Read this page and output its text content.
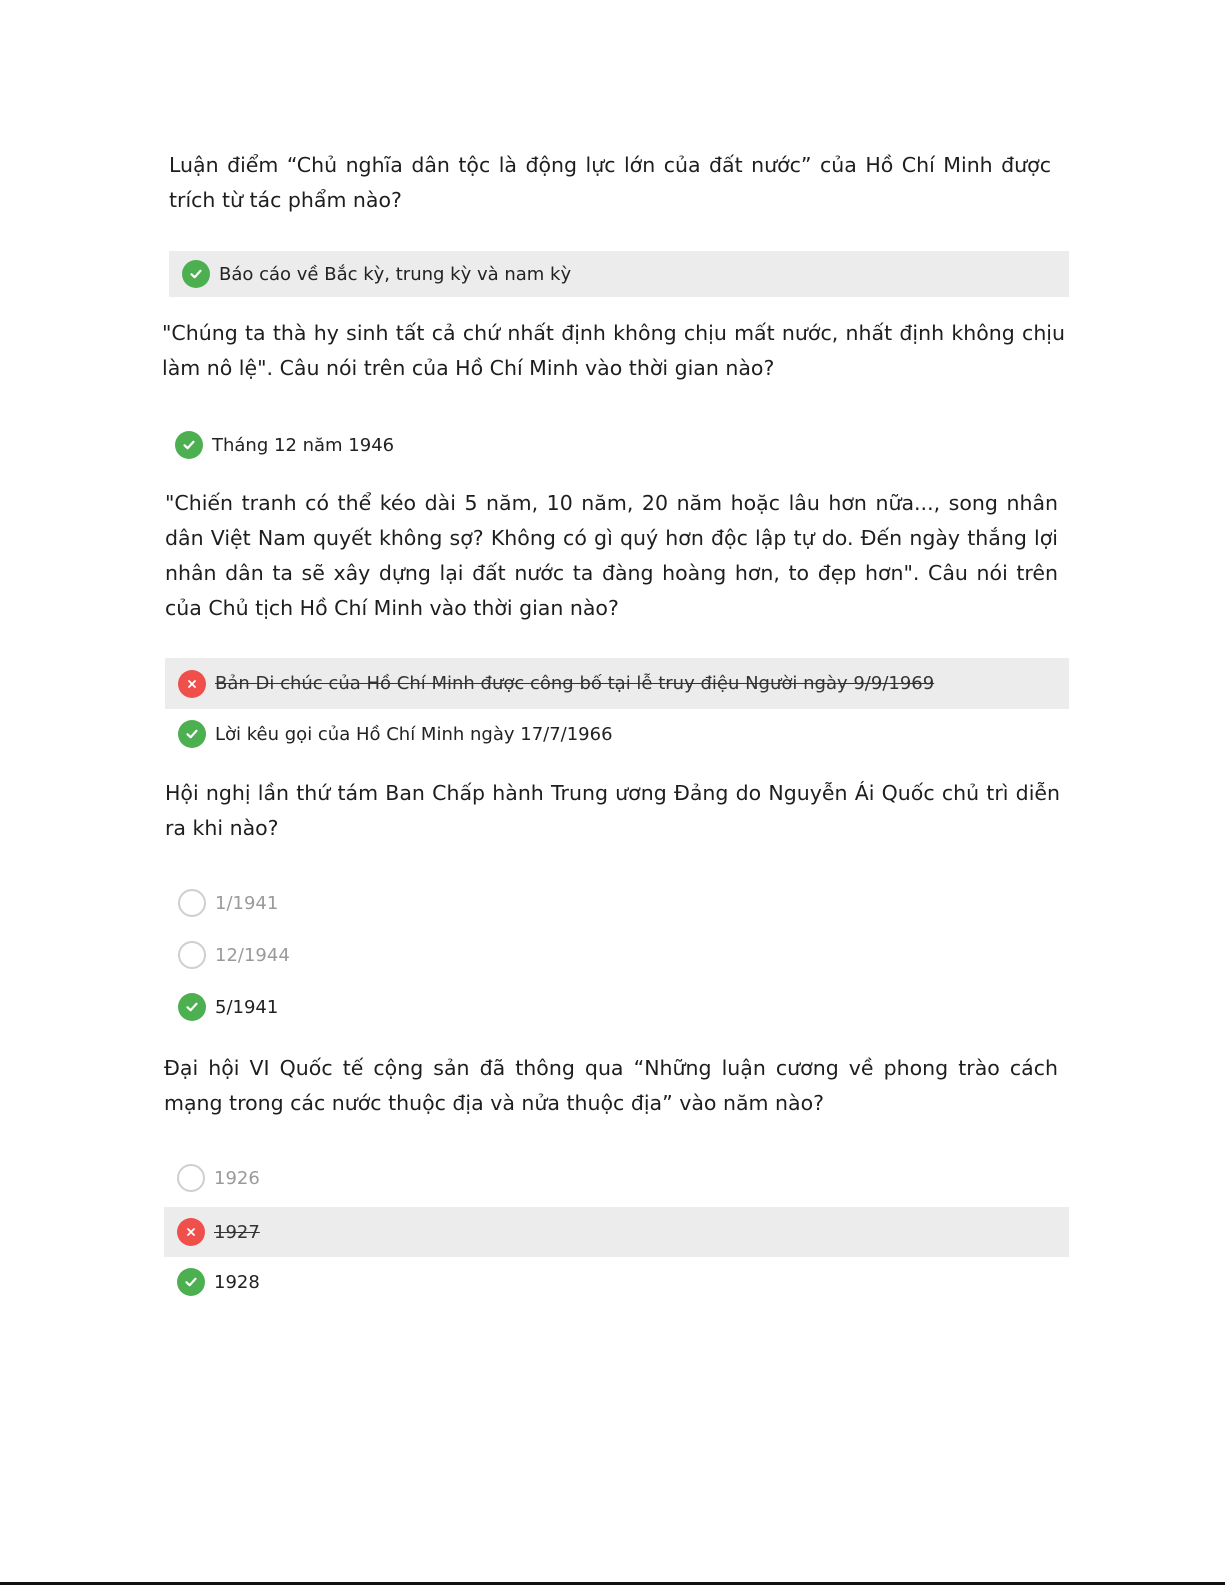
Luận điểm “Chủ nghĩa dân tộc là động lực lớn của đất nước” của Hồ Chí Minh được trích từ tác phẩm nào?
Báo cáo về Bắc kỳ, trung kỳ và nam kỳ
"Chúng ta thà hy sinh tất cả chứ nhất định không chịu mất nước, nhất định không chịu làm nô lệ". Câu nói trên của Hồ Chí Minh vào thời gian nào?
Tháng 12 năm 1946
"Chiến tranh có thể kéo dài 5 năm, 10 năm, 20 năm hoặc lâu hơn nữa..., song nhân dân Việt Nam quyết không sợ? Không có gì quý hơn độc lập tự do. Đến ngày thắng lợi nhân dân ta sẽ xây dựng lại đất nước ta đàng hoàng hơn, to đẹp hơn". Câu nói trên của Chủ tịch Hồ Chí Minh vào thời gian nào?
Bản Di chúc của Hồ Chí Minh được công bố tại lễ truy điệu Người ngày 9/9/1969
Lời kêu gọi của Hồ Chí Minh ngày 17/7/1966
Hội nghị lần thứ tám Ban Chấp hành Trung ương Đảng do Nguyễn Ái Quốc chủ trì diễn ra khi nào?
1/1941
12/1944
5/1941
Đại hội VI Quốc tế cộng sản đã thông qua “Những luận cương về phong trào cách mạng trong các nước thuộc địa và nửa thuộc địa” vào năm nào?
1926
1927
1928
